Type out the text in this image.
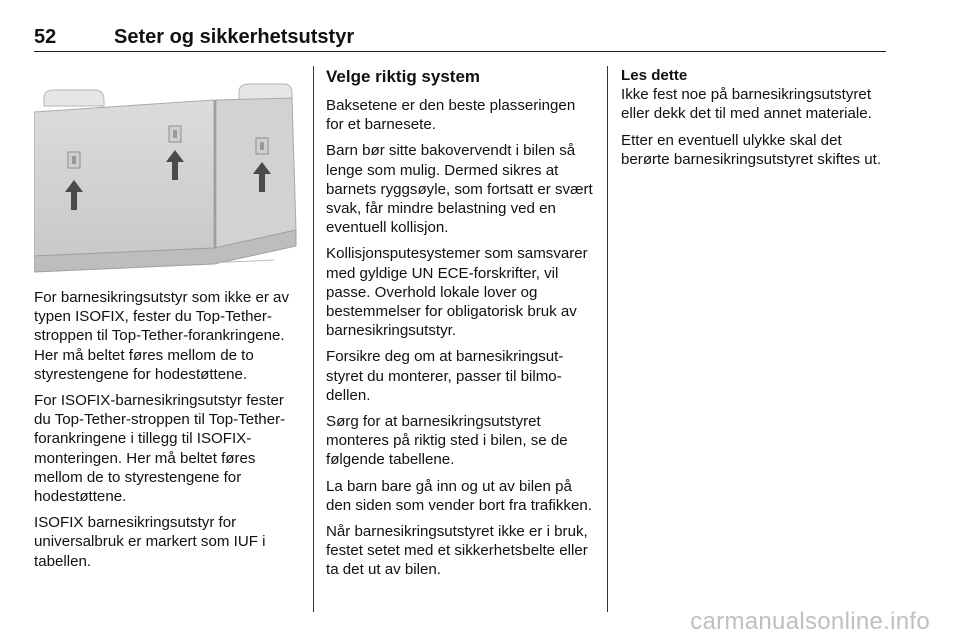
52	Seter og sikkerhetsutstyr

For barnesikringsutstyr som ikke er av typen ISOFIX, fester du Top-Tether-stroppen til Top-Tether-forankringene. Her må beltet føres mellom de to styrestengene for hodestøttene.

For ISOFIX-barnesikringsutstyr fester du Top-Tether-stroppen til Top-Tether-forankringene i tillegg til ISOFIX-monteringen. Her må beltet føres mellom de to styrestengene for hodestøttene.

ISOFIX barnesikringsutstyr for universalbruk er markert som IUF i tabellen.

Velge riktig system

Baksetene er den beste plasseringen for et barnesete.

Barn bør sitte bakovervendt i bilen så lenge som mulig. Dermed sikres at barnets ryggsøyle, som fortsatt er svært svak, får mindre belastning ved en eventuell kollisjon.

Kollisjonsputesystemer som samsvarer med gyldige UN ECE-forskrifter, vil passe. Overhold lokale lover og bestemmelser for obligatorisk bruk av barnesikringsutstyr.

Forsikre deg om at barnesikringsutstyret du monterer, passer til bilmodellen.

Sørg for at barnesikringsutstyret monteres på riktig sted i bilen, se de følgende tabellene.

La barn bare gå inn og ut av bilen på den siden som vender bort fra trafikken.

Når barnesikringsutstyret ikke er i bruk, festet setet med et sikkerhetsbelte eller ta det ut av bilen.

Les dette

Ikke fest noe på barnesikringsutstyret eller dekk det til med annet materiale.

Etter en eventuell ulykke skal det berørte barnesikringsutstyret skiftes ut.

carmanualsonline.info
